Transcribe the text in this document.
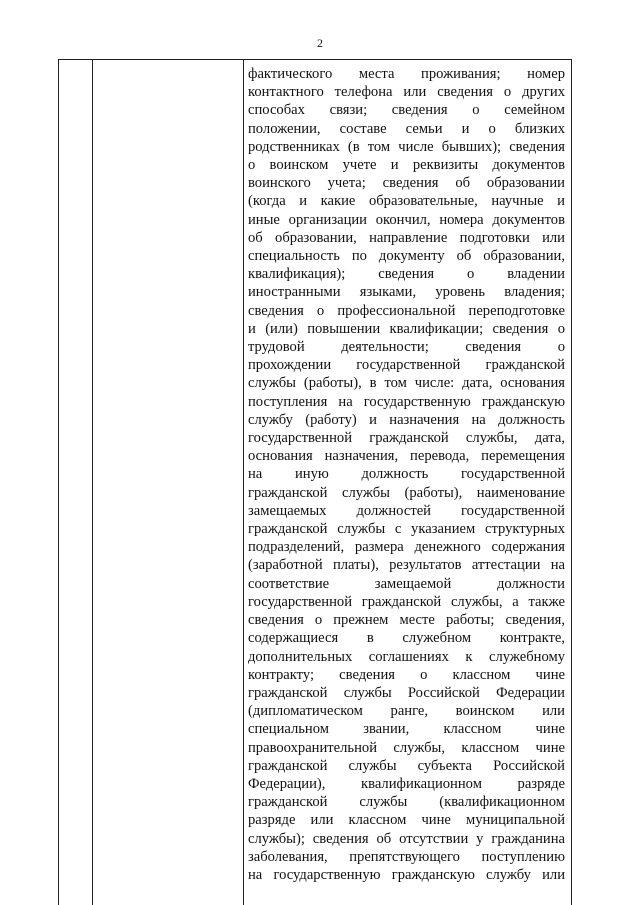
2
фактического места проживания; номер
контактного телефона или сведения о других
способах связи; сведения о семейном
положении, составе семьи и о близких
родственниках (в том числе бывших); сведения
о воинском учете и реквизиты документов
воинского учета; сведения об образовании
(когда и какие образовательные, научные и
иные организации окончил, номера документов
об образовании, направление подготовки или
специальность по документу об образовании,
квалификация); сведения о владении
иностранными языками, уровень владения;
сведения о профессиональной переподготовке
и (или) повышении квалификации; сведения о
трудовой деятельности; сведения о
прохождении государственной гражданской
службы (работы), в том числе: дата, основания
поступления на государственную гражданскую
службу (работу) и назначения на должность
государственной гражданской службы, дата,
основания назначения, перевода, перемещения
на иную должность государственной
гражданской службы (работы), наименование
замещаемых должностей государственной
гражданской службы с указанием структурных
подразделений, размера денежного содержания
(заработной платы), результатов аттестации на
соответствие замещаемой должности
государственной гражданской службы, а также
сведения о прежнем месте работы; сведения,
содержащиеся в служебном контракте,
дополнительных соглашениях к служебному
контракту; сведения о классном чине
гражданской службы Российской Федерации
(дипломатическом ранге, воинском или
специальном звании, классном чине
правоохранительной службы, классном чине
гражданской службы субъекта Российской
Федерации), квалификационном разряде
гражданской службы (квалификационном
разряде или классном чине муниципальной
службы); сведения об отсутствии у гражданина
заболевания, препятствующего поступлению
на государственную гражданскую службу или
